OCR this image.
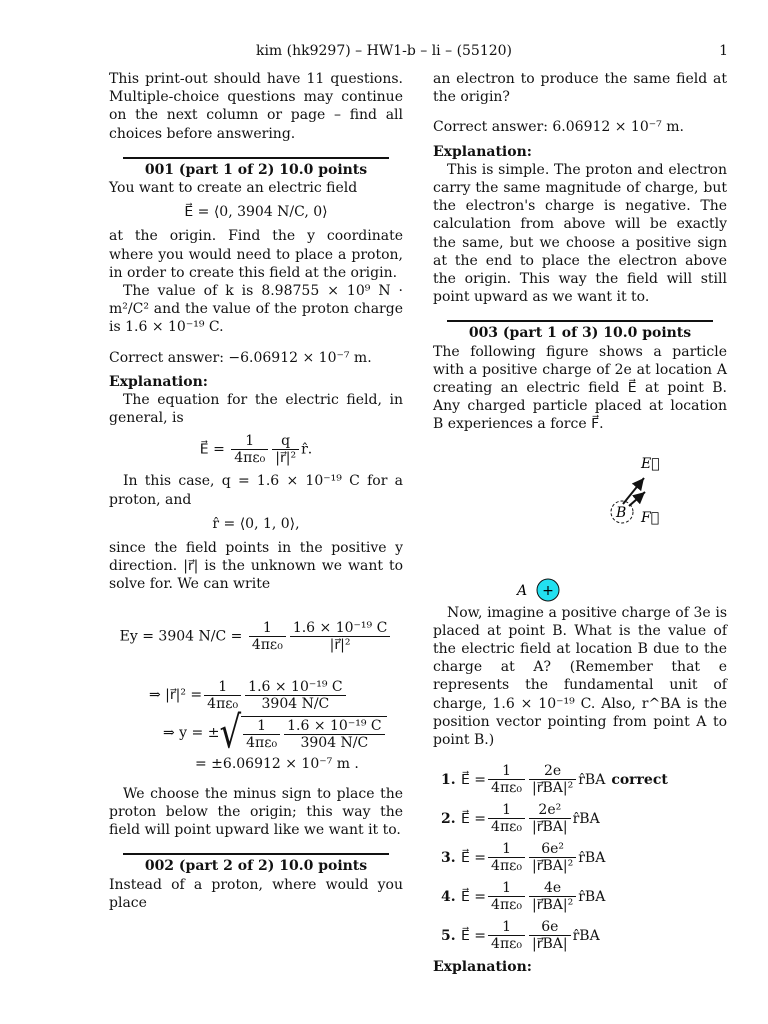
kim (hk9297) – HW1-b – li – (55120)	1

This print-out should have 11 questions. Multiple-choice questions may continue on the next column or page – find all choices before answering.

001 (part 1 of 2) 10.0 points

You want to create an electric field

E⃗ = ⟨0, 3904 N/C, 0⟩

at the origin. Find the y coordinate where you would need to place a proton, in order to create this field at the origin.

The value of k is 8.98755 × 10⁹ N · m²/C² and the value of the proton charge is 1.6 × 10⁻¹⁹ C.

Correct answer: −6.06912 × 10⁻⁷ m.

Explanation:

The equation for the electric field, in general, is

E⃗ = $\frac{1}{\text{4πε₀}} \frac{q}{\text{|r⃗|²}}$ r̂.

In this case, q = 1.6 × 10⁻¹⁹ C for a proton, and

r̂ = ⟨0, 1, 0⟩,

since the field points in the positive y direction. |r⃗| is the unknown we want to solve for. We can write

Ey = 3904 $N/C = \frac{1}{\text{4πε₀}} \frac{\text{1.6 × 10⁻¹⁹ C}}{\text{|r⃗|²}}$
⇒ |r⃗|² = $\frac{1}{\text{4πε₀}} \frac{\text{1.6 × 10⁻¹⁹ C}}{3904 N/C}$
⇒ y = ± √ $\frac{1}{\text{4πε₀}} \frac{\text{1.6 × 10⁻¹⁹ C}}{3904 N/C}$
= ±6.06912 × 10⁻⁷ m .

We choose the minus sign to place the proton below the origin; this way the field will point upward like we want it to.

002 (part 2 of 2) 10.0 points

Instead of a proton, where would you place

an electron to produce the same field at the origin?

Correct answer: 6.06912 × 10⁻⁷ m.

Explanation:

This is simple. The proton and electron carry the same magnitude of charge, but the electron's charge is negative. The calculation from above will be exactly the same, but we choose a positive sign at the end to place the electron above the origin. This way the field will still point upward as we want it to.

003 (part 1 of 3) 10.0 points

The following figure shows a particle with a positive charge of 2e at location A creating an electric field E⃗ at point B. Any charged particle placed at location B experiences a force F⃗.

E⃗
B F⃗
A +

Now, imagine a positive charge of 3e is placed at point B. What is the value of the electric field at location B due to the charge at A? (Remember that e represents the fundamental unit of charge, 1.6 × 10⁻¹⁹ C. Also, r^BA is the position vector pointing from point A to point B.)

1. E⃗ = $\frac{1}{\text{4πε₀}} \frac{2e}{\text{|r⃗BA|²}}$ r̂BA correct
2. E⃗ = $\frac{1}{\text{4πε₀}} \frac{\text{2e²}}{|r⃗BA|}$ r̂BA
3. E⃗ = $\frac{1}{\text{4πε₀}} \frac{\text{6e²}}{\text{|r⃗BA|²}}$ r̂BA
4. E⃗ = $\frac{1}{\text{4πε₀}} \frac{4e}{\text{|r⃗BA|²}}$ r̂BA
5. E⃗ = $\frac{1}{\text{4πε₀}} \frac{6e}{|r⃗BA|}$ r̂BA

Explanation:
